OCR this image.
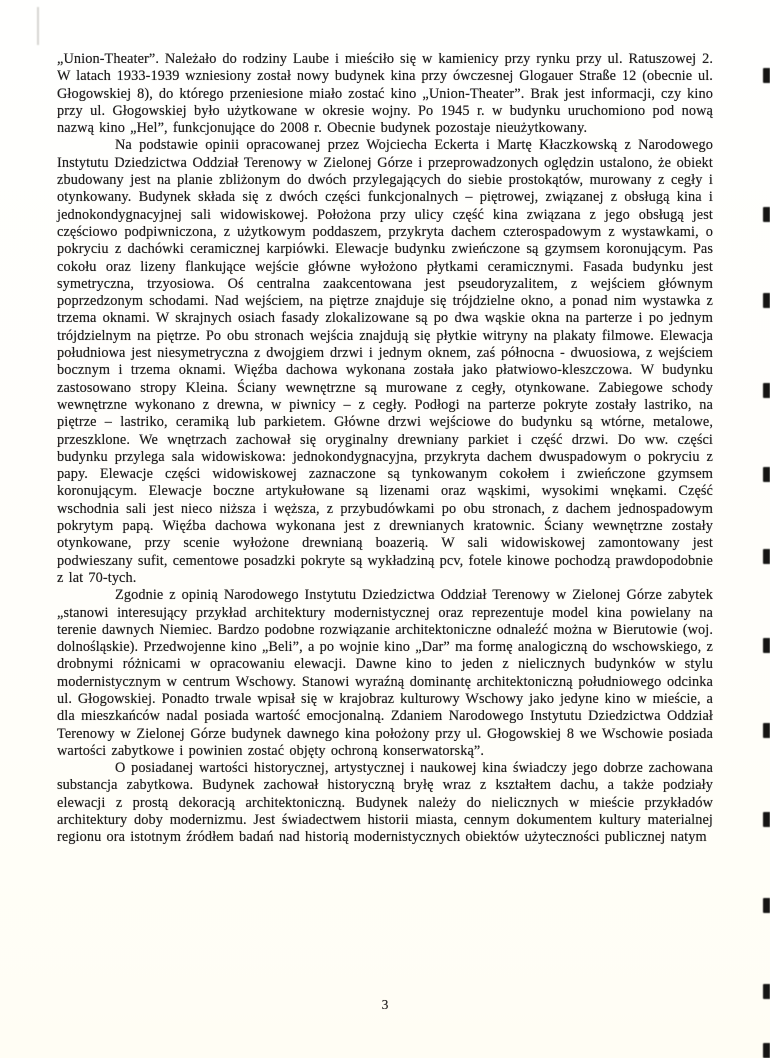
„Union-Theater”. Należało do rodziny Laube i mieściło się w kamienicy przy rynku przy ul. Ratuszowej 2. W latach 1933-1939 wzniesiony został nowy budynek kina przy ówczesnej Glogauer Straße 12 (obecnie ul. Głogowskiej 8), do którego przeniesione miało zostać kino „Union-Theater”. Brak jest informacji, czy kino przy ul. Głogowskiej było użytkowane w okresie wojny. Po 1945 r. w budynku uruchomiono pod nową nazwą kino „Hel”, funkcjonujące do 2008 r. Obecnie budynek pozostaje nieużytkowany.

Na podstawie opinii opracowanej przez Wojciecha Eckerta i Martę Kłaczkowską z Narodowego Instytutu Dziedzictwa Oddział Terenowy w Zielonej Górze i przeprowadzonych oględzin ustalono, że obiekt zbudowany jest na planie zbliżonym do dwóch przylegających do siebie prostokątów, murowany z cegły i otynkowany. Budynek składa się z dwóch części funkcjonalnych – piętrowej, związanej z obsługą kina i jednokondygnacyjnej sali widowiskowej. Położona przy ulicy część kina związana z jego obsługą jest częściowo podpiwniczona, z użytkowym poddaszem, przykryta dachem czterospadowym z wystawkami, o pokryciu z dachówki ceramicznej karpiówki. Elewacje budynku zwieńczone są gzymsem koronującym. Pas cokołu oraz lizeny flankujące wejście główne wyłożono płytkami ceramicznymi. Fasada budynku jest symetryczna, trzyosiowa. Oś centralna zaakcentowana jest pseudoryzalitem, z wejściem głównym poprzedzonym schodami. Nad wejściem, na piętrze znajduje się trójdzielne okno, a ponad nim wystawka z trzema oknami. W skrajnych osiach fasady zlokalizowane są po dwa wąskie okna na parterze i po jednym trójdzielnym na piętrze. Po obu stronach wejścia znajdują się płytkie witryny na plakaty filmowe. Elewacja południowa jest niesymetryczna z dwojgiem drzwi i jednym oknem, zaś północna - dwuosiowa, z wejściem bocznym i trzema oknami. Więźba dachowa wykonana została jako płatwiowo-kleszczowa. W budynku zastosowano stropy Kleina. Ściany wewnętrzne są murowane z cegły, otynkowane. Zabiegowe schody wewnętrzne wykonano z drewna, w piwnicy – z cegły. Podłogi na parterze pokryte zostały lastriko, na piętrze – lastriko, ceramiką lub parkietem. Główne drzwi wejściowe do budynku są wtórne, metalowe, przeszklone. We wnętrzach zachował się oryginalny drewniany parkiet i część drzwi. Do ww. części budynku przylega sala widowiskowa: jednokondygnacyjna, przykryta dachem dwuspadowym o pokryciu z papy. Elewacje części widowiskowej zaznaczone są tynkowanym cokołem i zwieńczone gzymsem koronującym. Elewacje boczne artykułowane są lizenami oraz wąskimi, wysokimi wnękami. Część wschodnia sali jest nieco niższa i węższa, z przybudówkami po obu stronach, z dachem jednospadowym pokrytym papą. Więźba dachowa wykonana jest z drewnianych kratownic. Ściany wewnętrzne zostały otynkowane, przy scenie wyłożone drewnianą boazerią. W sali widowiskowej zamontowany jest podwieszany sufit, cementowe posadzki pokryte są wykładziną pcv, fotele kinowe pochodzą prawdopodobnie z lat 70-tych.

Zgodnie z opinią Narodowego Instytutu Dziedzictwa Oddział Terenowy w Zielonej Górze zabytek „stanowi interesujący przykład architektury modernistycznej oraz reprezentuje model kina powielany na terenie dawnych Niemiec. Bardzo podobne rozwiązanie architektoniczne odnaleźć można w Bierutowie (woj. dolnośląskie). Przedwojenne kino „Beli”, a po wojnie kino „Dar” ma formę analogiczną do wschowskiego, z drobnymi różnicami w opracowaniu elewacji. Dawne kino to jeden z nielicznych budynków w stylu modernistycznym w centrum Wschowy. Stanowi wyraźną dominantę architektoniczną południowego odcinka ul. Głogowskiej. Ponadto trwale wpisał się w krajobraz kulturowy Wschowy jako jedyne kino w mieście, a dla mieszkańców nadal posiada wartość emocjonalną. Zdaniem Narodowego Instytutu Dziedzictwa Oddział Terenowy w Zielonej Górze budynek dawnego kina położony przy ul. Głogowskiej 8 we Wschowie posiada wartości zabytkowe i powinien zostać objęty ochroną konserwatorską”.

O posiadanej wartości historycznej, artystycznej i naukowej kina świadczy jego dobrze zachowana substancja zabytkowa. Budynek zachował historyczną bryłę wraz z kształtem dachu, a także podziały elewacji z prostą dekoracją architektoniczną. Budynek należy do nielicznych w mieście przykładów architektury doby modernizmu. Jest świadectwem historii miasta, cennym dokumentem kultury materialnej regionu ora istotnym źródłem badań nad historią modernistycznych obiektów użyteczności publicznej natym

3
